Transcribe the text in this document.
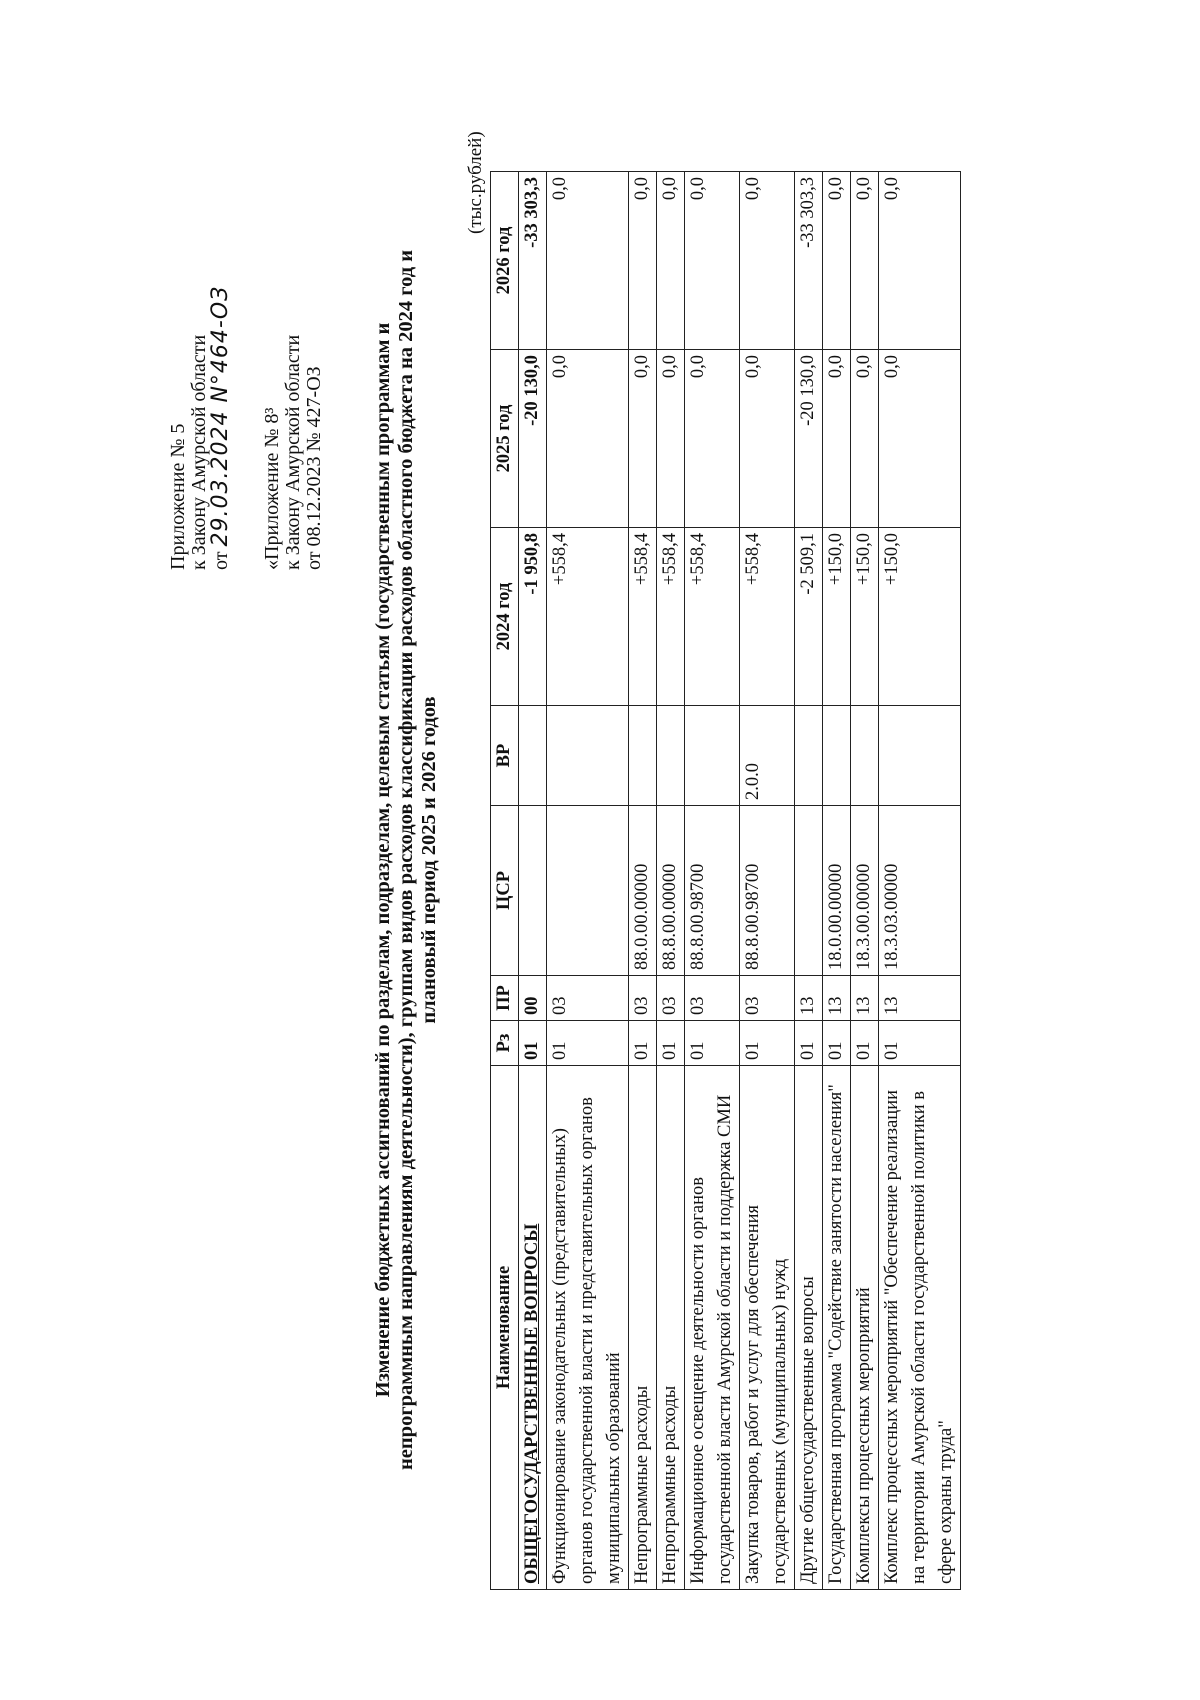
Приложение № 5 к Закону Амурской области от 29.03.2024 N°464-ОЗ «Приложение № 8³ к Закону Амурской области от 08.12.2023 № 427-ОЗ Изменение бюджетных ассигнований по разделам, подразделам, целевым статьям (государственным программам и непрограммным направлениям деятельности), группам видов расходов классификации расходов областного бюджета на 2024 год и плановый период 2025 и 2026 годов
(тыс.рублей)
Наименование	Рз	ПР	ЦСР	ВР	2024 год	2025 год	2026 год
ОБЩЕГОСУДАРСТВЕННЫЕ ВОПРОСЫ	01	00			-1 950,8	-20 130,0	-33 303,3
Функционирование законодательных (представительных) органов государственной власти и представительных органов муниципальных образований	01	03			+558,4	0,0	0,0
Непрограммные расходы	01	03	88.0.00.00000		+558,4	0,0	0,0
Непрограммные расходы	01	03	88.8.00.00000		+558,4	0,0	0,0
Информационное освещение деятельности органов государственной власти Амурской области и поддержка СМИ	01	03	88.8.00.98700		+558,4	0,0	0,0
Закупка товаров, работ и услуг для обеспечения государственных (муниципальных) нужд	01	03	88.8.00.98700	2.0.0	+558,4	0,0	0,0
Другие общегосударственные вопросы	01	13			-2 509,1	-20 130,0	-33 303,3
Государственная программа "Содействие занятости населения"	01	13	18.0.00.00000		+150,0	0,0	0,0
Комплексы процессных мероприятий	01	13	18.3.00.00000		+150,0	0,0	0,0
Комплекс процессных мероприятий "Обеспечение реализации на территории Амурской области государственной политики в сфере охраны труда"	01	13	18.3.03.00000		+150,0	0,0	0,0
